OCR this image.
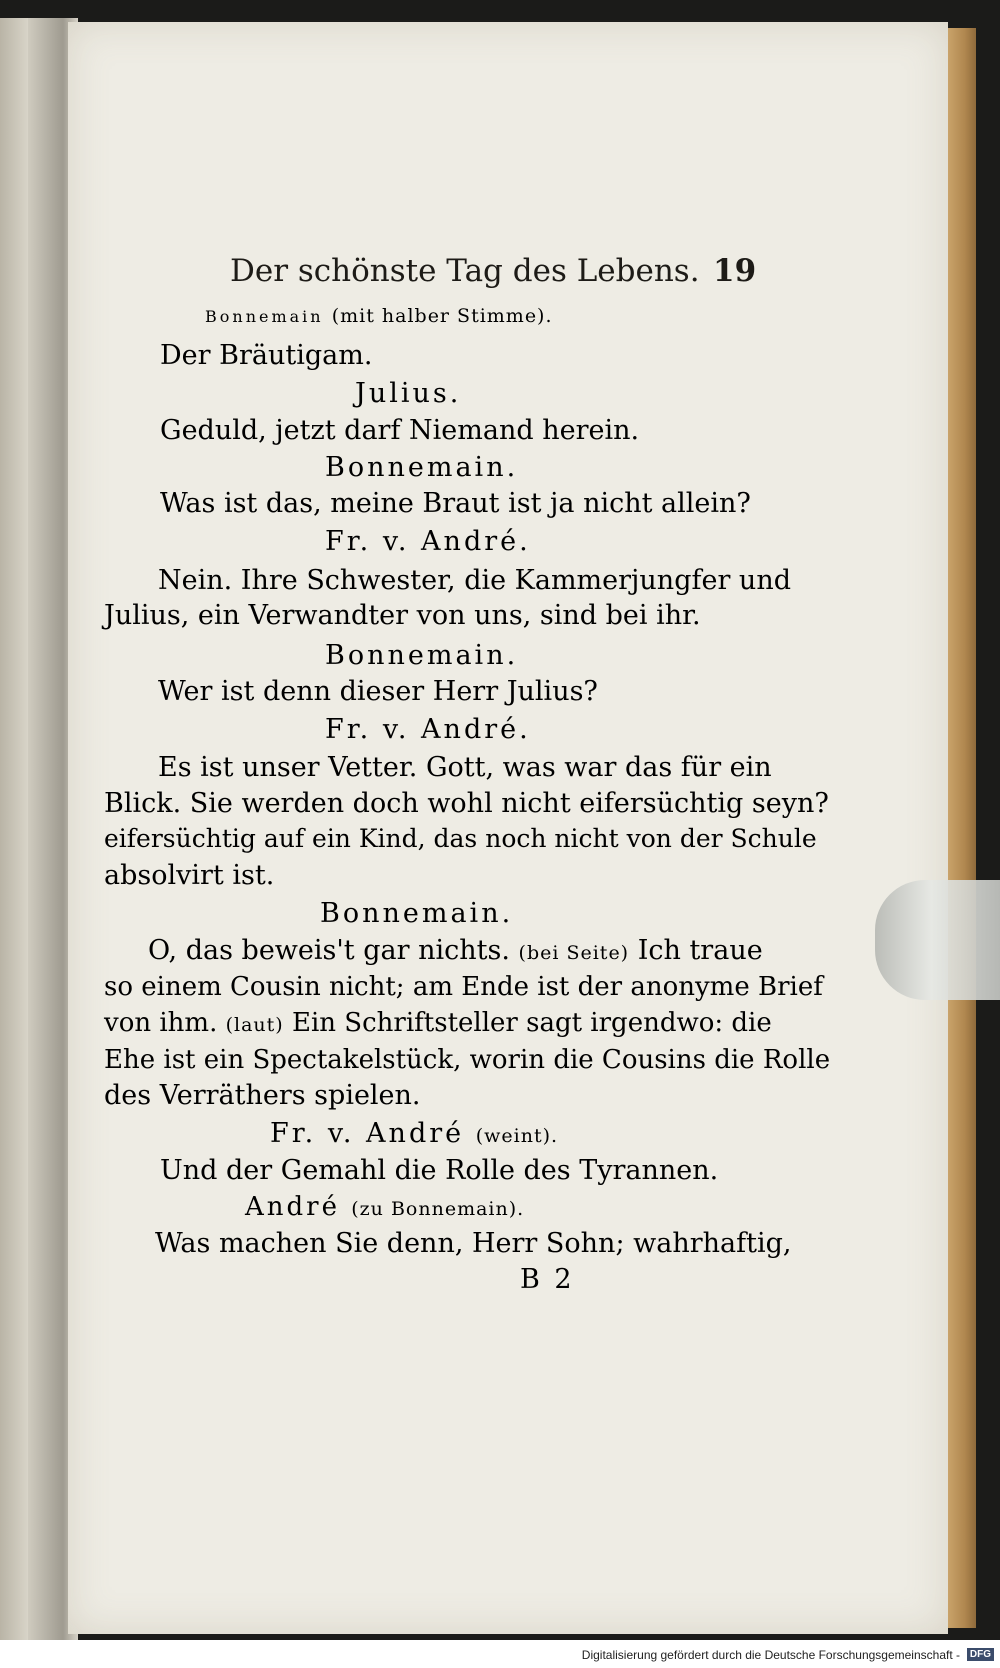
Der schönste Tag des Lebens. 19
Bonnemain (mit halber Stimme).
Der Bräutigam.
Julius.
Geduld, jetzt darf Niemand herein.
Bonnemain.
Was ist das, meine Braut ist ja nicht allein?
Fr. v. André.
Nein. Ihre Schwester, die Kammerjungfer und
Julius, ein Verwandter von uns, sind bei ihr.
Bonnemain.
Wer ist denn dieser Herr Julius?
Fr. v. André.
Es ist unser Vetter. Gott, was war das für ein
Blick. Sie werden doch wohl nicht eifersüchtig seyn?
eifersüchtig auf ein Kind, das noch nicht von der Schule
absolvirt ist.
Bonnemain.
O, das beweis't gar nichts. (bei Seite) Ich traue
so einem Cousin nicht; am Ende ist der anonyme Brief
von ihm. (laut) Ein Schriftsteller sagt irgendwo: die
Ehe ist ein Spectakelstück, worin die Cousins die Rolle
des Verräthers spielen.
Fr. v. André (weint).
Und der Gemahl die Rolle des Tyrannen.
André (zu Bonnemain).
Was machen Sie denn, Herr Sohn; wahrhaftig,
B 2
Digitalisierung gefördert durch die Deutsche Forschungsgemeinschaft - DFG
